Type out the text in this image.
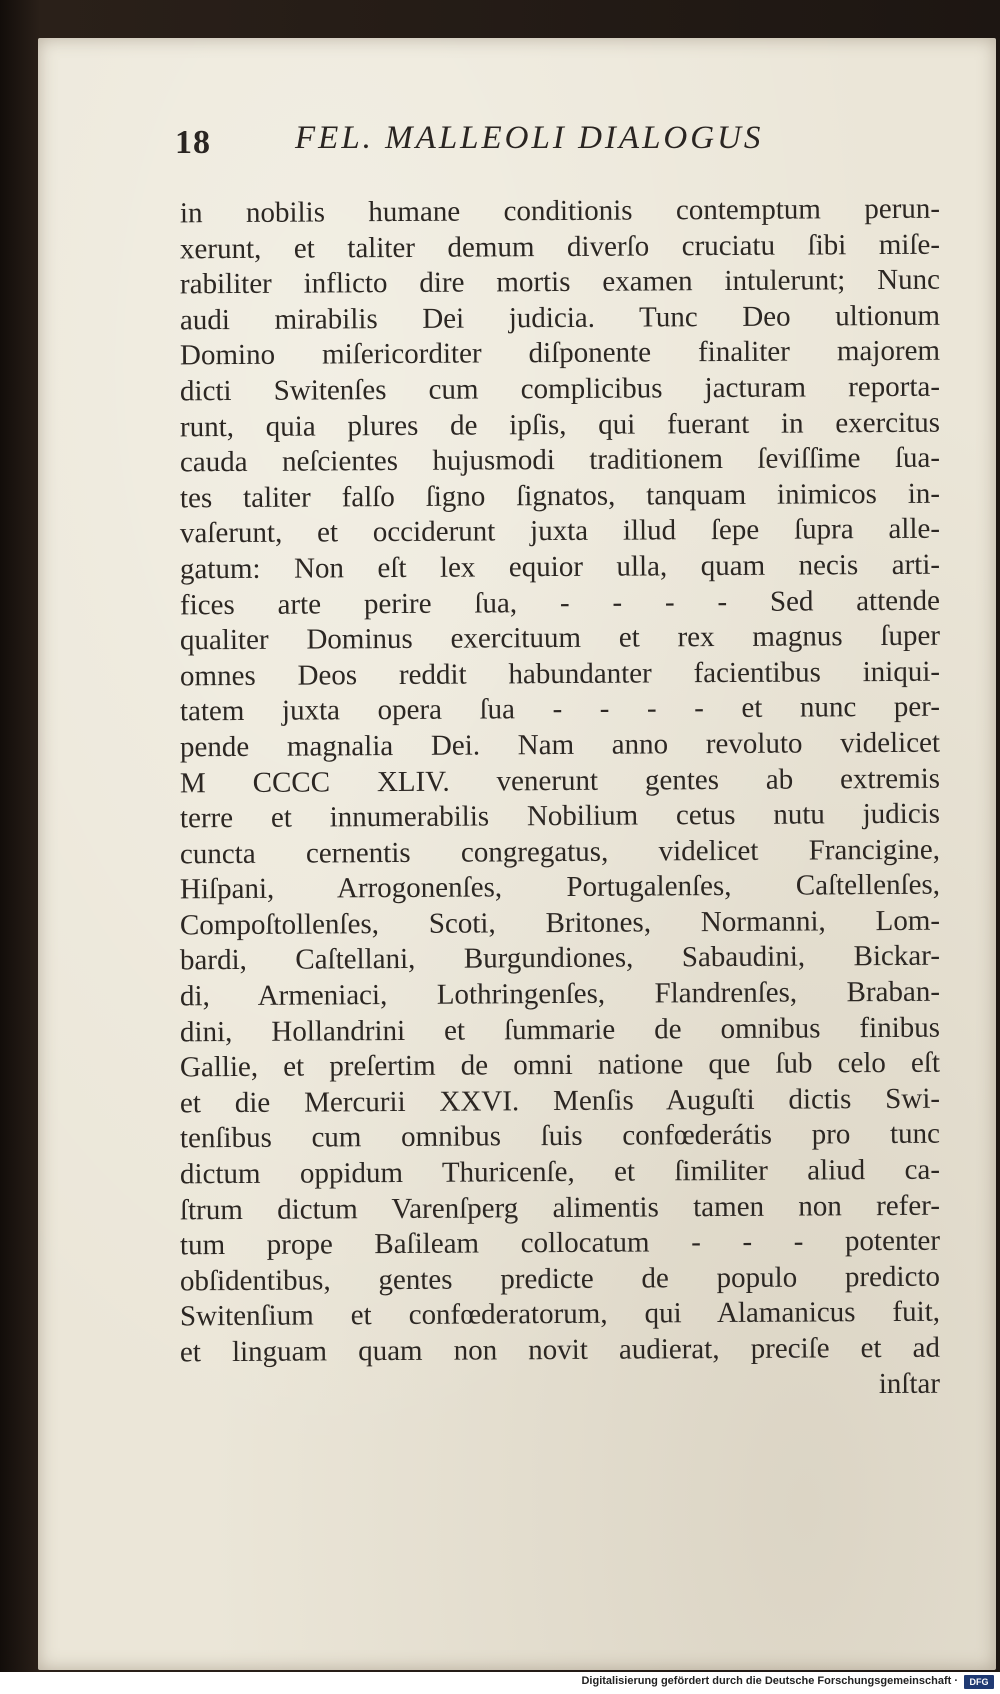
18	FEL. MALLEOLI DIALOGUS
in nobilis humane conditionis contemptum perun-
xerunt, et taliter demum diverſo cruciatu ſibi miſe-
rabiliter inflicto dire mortis examen intulerunt; Nunc
audi mirabilis Dei judicia. Tunc Deo ultionum
Domino miſericorditer diſponente finaliter majorem
dicti Switenſes cum complicibus jacturam reporta-
runt, quia plures de ipſis, qui fuerant in exercitus
cauda neſcientes hujusmodi traditionem ſeviſſime ſua-
tes taliter falſo ſigno ſignatos, tanquam inimicos in-
vaſerunt, et occiderunt juxta illud ſepe ſupra alle-
gatum: Non eſt lex equior ulla, quam necis arti-
fices arte perire ſua, - - - - Sed attende
qualiter Dominus exercituum et rex magnus ſuper
omnes Deos reddit habundanter facientibus iniqui-
tatem juxta opera ſua - - - - et nunc per-
pende magnalia Dei. Nam anno revoluto videlicet
M CCCC XLIV. venerunt gentes ab extremis
terre et innumerabilis Nobilium cetus nutu judicis
cuncta cernentis congregatus, videlicet Francigine,
Hiſpani, Arrogonenſes, Portugalenſes, Caſtellenſes,
Compoſtollenſes, Scoti, Britones, Normanni, Lom-
bardi, Caſtellani, Burgundiones, Sabaudini, Bickar-
di, Armeniaci, Lothringenſes, Flandrenſes, Braban-
dini, Hollandrini et ſummarie de omnibus finibus
Gallie, et preſertim de omni natione que ſub celo eſt
et die Mercurii XXVI. Menſis Auguſti dictis Swi-
tenſibus cum omnibus ſuis confœderátis pro tunc
dictum oppidum Thuricenſe, et ſimiliter aliud ca-
ſtrum dictum Varenſperg alimentis tamen non refer-
tum prope Baſileam collocatum - - - potenter
obſidentibus, gentes predicte de populo predicto
Switenſium et confœderatorum, qui Alamanicus fuit,
et linguam quam non novit audierat, preciſe et ad
inſtar
Digitalisierung gefördert durch die Deutsche Forschungsgemeinschaft ·	DFG
